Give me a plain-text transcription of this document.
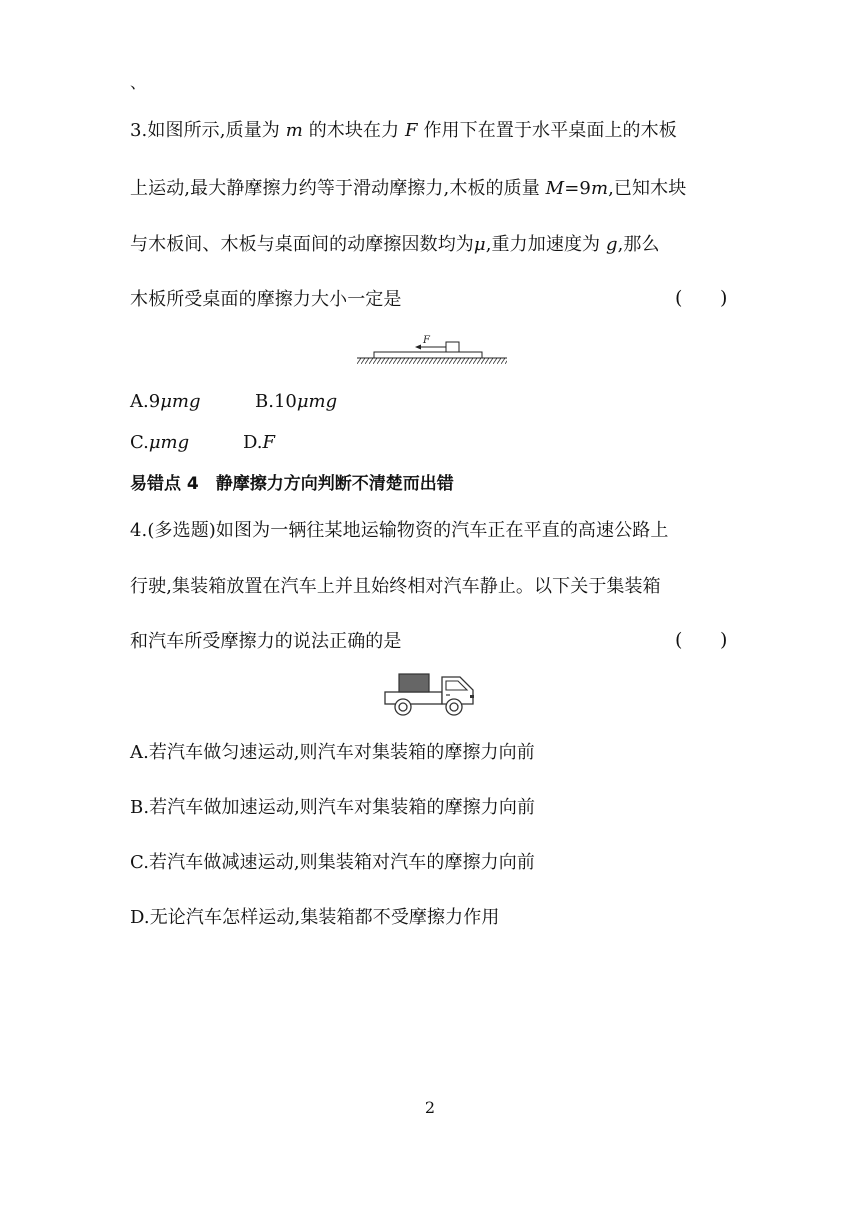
、
3.如图所示,质量为 m 的木块在力 F 作用下在置于水平桌面上的木板
上运动,最大静摩擦力约等于滑动摩擦力,木板的质量 M=9m,已知木块
与木板间、木板与桌面间的动摩擦因数均为μ,重力加速度为 g,那么
木板所受桌面的摩擦力大小一定是	( )
F
A.9μmg	B.10μmg
C.μmg	D.F
易错点 4　静摩擦力方向判断不清楚而出错
4.(多选题)如图为一辆往某地运输物资的汽车正在平直的高速公路上
行驶,集装箱放置在汽车上并且始终相对汽车静止。以下关于集装箱
和汽车所受摩擦力的说法正确的是	( )
A.若汽车做匀速运动,则汽车对集装箱的摩擦力向前
B.若汽车做加速运动,则汽车对集装箱的摩擦力向前
C.若汽车做减速运动,则集装箱对汽车的摩擦力向前
D.无论汽车怎样运动,集装箱都不受摩擦力作用
2
